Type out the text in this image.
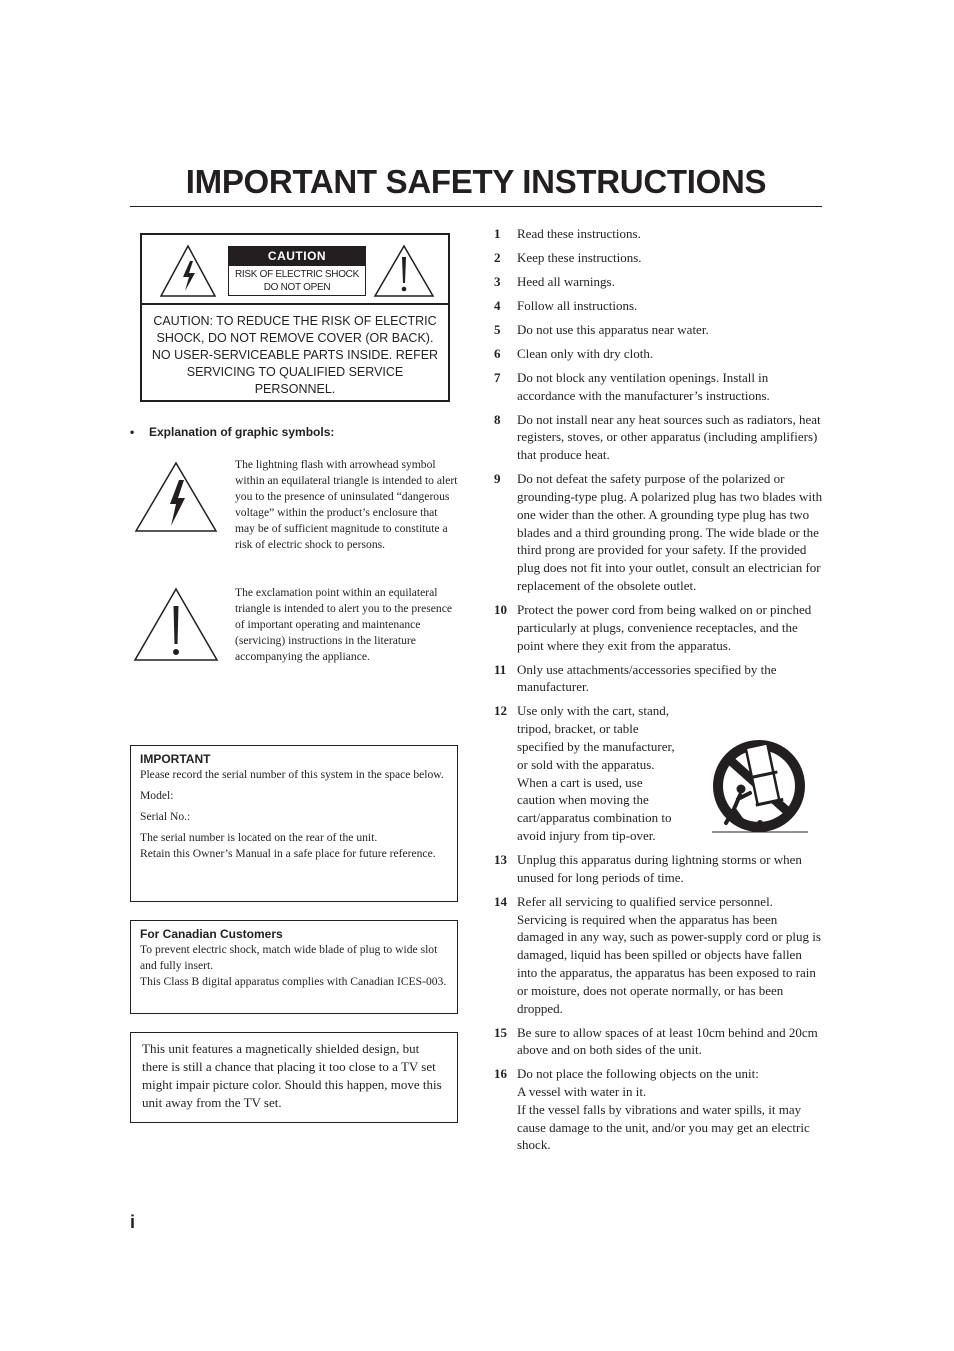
IMPORTANT SAFETY INSTRUCTIONS
CAUTION
RISK OF ELECTRIC SHOCK
DO NOT OPEN
CAUTION: TO REDUCE THE RISK OF ELECTRIC SHOCK, DO NOT REMOVE COVER (OR BACK). NO USER-SERVICEABLE PARTS INSIDE. REFER SERVICING TO QUALIFIED SERVICE PERSONNEL.
• Explanation of graphic symbols:
The lightning flash with arrowhead symbol within an equilateral triangle is intended to alert you to the presence of uninsulated “dangerous voltage” within the product’s enclosure that may be of sufficient magnitude to constitute a risk of electric shock to persons.
The exclamation point within an equilateral triangle is intended to alert you to the presence of important operating and maintenance (servicing) instructions in the literature accompanying the appliance.
IMPORTANT
Please record the serial number of this system in the space below.
Model:
Serial No.:
The serial number is located on the rear of the unit.
Retain this Owner’s Manual in a safe place for future reference.
For Canadian Customers
To prevent electric shock, match wide blade of plug to wide slot and fully insert.
This Class B digital apparatus complies with Canadian ICES-003.
This unit features a magnetically shielded design, but there is still a chance that placing it too close to a TV set might impair picture color. Should this happen, move this unit away from the TV set.
1 Read these instructions.
2 Keep these instructions.
3 Heed all warnings.
4 Follow all instructions.
5 Do not use this apparatus near water.
6 Clean only with dry cloth.
7 Do not block any ventilation openings. Install in accordance with the manufacturer’s instructions.
8 Do not install near any heat sources such as radiators, heat registers, stoves, or other apparatus (including amplifiers) that produce heat.
9 Do not defeat the safety purpose of the polarized or grounding-type plug. A polarized plug has two blades with one wider than the other. A grounding type plug has two blades and a third grounding prong. The wide blade or the third prong are provided for your safety. If the provided plug does not fit into your outlet, consult an electrician for replacement of the obsolete outlet.
10 Protect the power cord from being walked on or pinched particularly at plugs, convenience receptacles, and the point where they exit from the apparatus.
11 Only use attachments/accessories specified by the manufacturer.
12 Use only with the cart, stand, tripod, bracket, or table specified by the manufacturer, or sold with the apparatus. When a cart is used, use caution when moving the cart/apparatus combination to avoid injury from tip-over.
13 Unplug this apparatus during lightning storms or when unused for long periods of time.
14 Refer all servicing to qualified service personnel. Servicing is required when the apparatus has been damaged in any way, such as power-supply cord or plug is damaged, liquid has been spilled or objects have fallen into the apparatus, the apparatus has been exposed to rain or moisture, does not operate normally, or has been dropped.
15 Be sure to allow spaces of at least 10cm behind and 20cm above and on both sides of the unit.
16 Do not place the following objects on the unit:
A vessel with water in it.
If the vessel falls by vibrations and water spills, it may cause damage to the unit, and/or you may get an electric shock.
i
